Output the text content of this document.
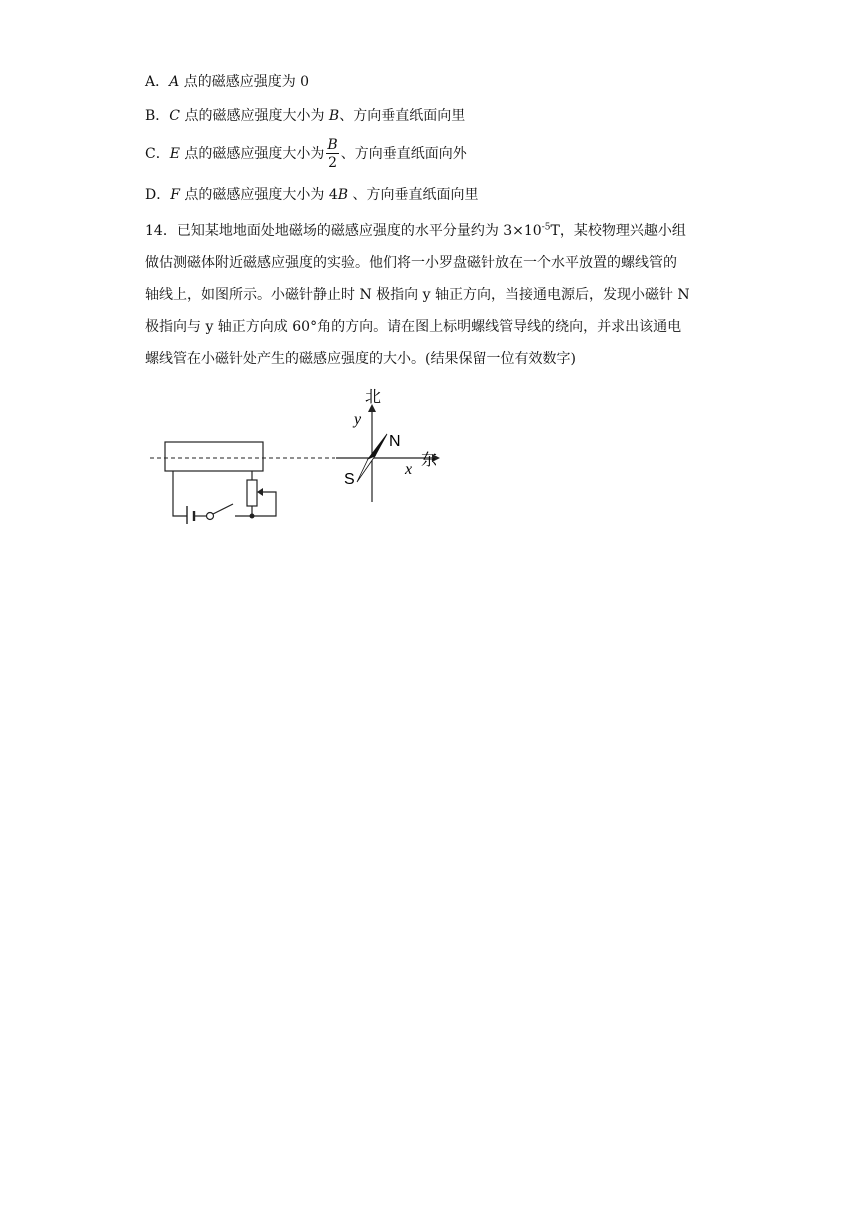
A．A 点的磁感应强度为 0
B．C 点的磁感应强度大小为 B、方向垂直纸面向里
C．E 点的磁感应强度大小为 $\frac{B}{2}$ 、方向垂直纸面向外
D．F 点的磁感应强度大小为 4B 、方向垂直纸面向里
14．已知某地地面处地磁场的磁感应强度的水平分量约为 $3\times 10^{-5}T$，某校物理兴趣小组
做估测磁体附近磁感应强度的实验。他们将一小罗盘磁针放在一个水平放置的螺线管的
轴线上，如图所示。小磁针静止时 N 极指向 y 轴正方向，当接通电源后，发现小磁针 N
极指向与 y 轴正方向成 60°角的方向。请在图上标明螺线管导线的绕向，并求出该通电
螺线管在小磁针处产生的磁感应强度的大小。(结果保留一位有效数字)
北
y
N
S
x
东
